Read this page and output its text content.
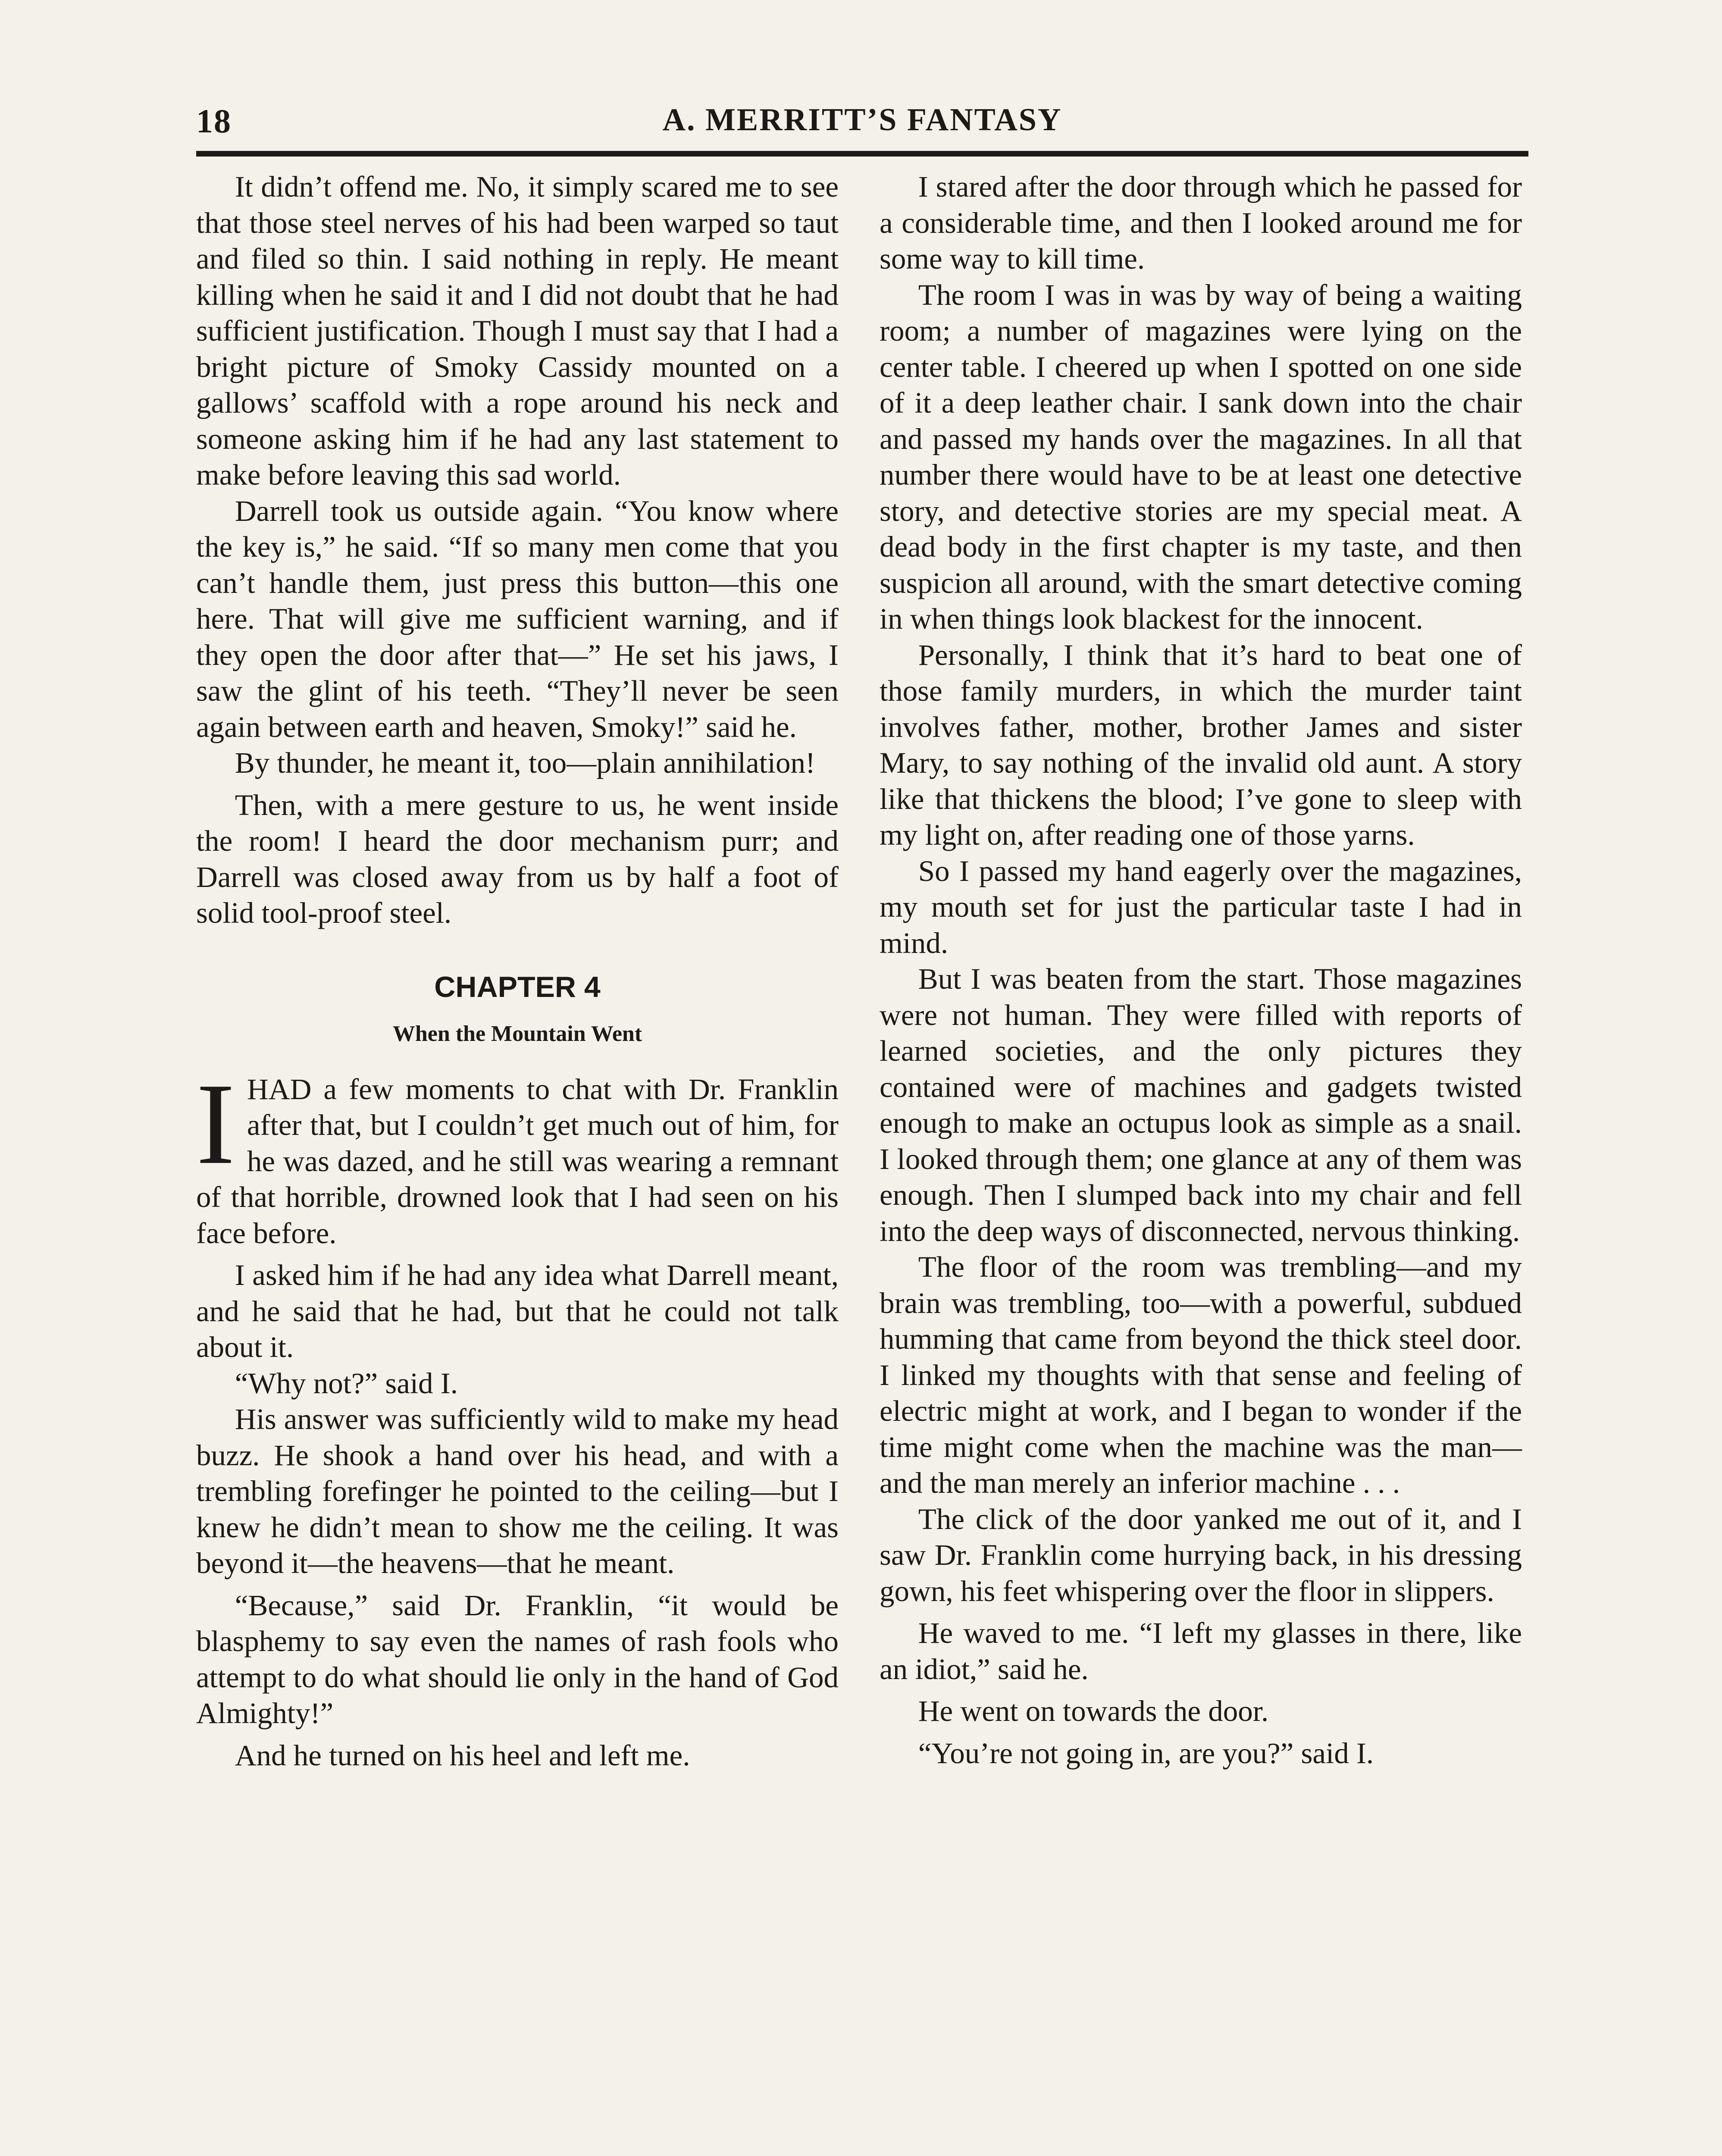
18	A. MERRITT’S FANTASY

It didn’t offend me. No, it simply scared me to see that those steel nerves of his had been warped so taut and filed so thin. I said nothing in reply. He meant killing when he said it and I did not doubt that he had sufficient justification. Though I must say that I had a bright picture of Smoky Cassidy mounted on a gallows’ scaffold with a rope around his neck and someone asking him if he had any last statement to make before leaving this sad world.

Darrell took us outside again. “You know where the key is,” he said. “If so many men come that you can’t handle them, just press this button—this one here. That will give me sufficient warning, and if they open the door after that—” He set his jaws, I saw the glint of his teeth. “They’ll never be seen again between earth and heaven, Smoky!” said he.

By thunder, he meant it, too—plain annihilation!

Then, with a mere gesture to us, he went inside the room! I heard the door mechanism purr; and Darrell was closed away from us by half a foot of solid tool-proof steel.

CHAPTER 4
When the Mountain Went

IHAD a few moments to chat with Dr. Franklin after that, but I couldn’t get much out of him, for he was dazed, and he still was wearing a remnant of that horrible, drowned look that I had seen on his face before.

I asked him if he had any idea what Darrell meant, and he said that he had, but that he could not talk about it.

“Why not?” said I.

His answer was sufficiently wild to make my head buzz. He shook a hand over his head, and with a trembling forefinger he pointed to the ceiling—but I knew he didn’t mean to show me the ceiling. It was beyond it—the heavens—that he meant.

“Because,” said Dr. Franklin, “it would be blasphemy to say even the names of rash fools who attempt to do what should lie only in the hand of God Almighty!”

And he turned on his heel and left me.

I stared after the door through which he passed for a considerable time, and then I looked around me for some way to kill time.

The room I was in was by way of being a waiting room; a number of magazines were lying on the center table. I cheered up when I spotted on one side of it a deep leather chair. I sank down into the chair and passed my hands over the magazines. In all that number there would have to be at least one detective story, and detective stories are my special meat. A dead body in the first chapter is my taste, and then suspicion all around, with the smart detective coming in when things look blackest for the innocent.

Personally, I think that it’s hard to beat one of those family murders, in which the murder taint involves father, mother, brother James and sister Mary, to say nothing of the invalid old aunt. A story like that thickens the blood; I’ve gone to sleep with my light on, after reading one of those yarns.

So I passed my hand eagerly over the magazines, my mouth set for just the particular taste I had in mind.

But I was beaten from the start. Those magazines were not human. They were filled with reports of learned societies, and the only pictures they contained were of machines and gadgets twisted enough to make an octupus look as simple as a snail. I looked through them; one glance at any of them was enough. Then I slumped back into my chair and fell into the deep ways of disconnected, nervous thinking.

The floor of the room was trembling—and my brain was trembling, too—with a powerful, subdued humming that came from beyond the thick steel door. I linked my thoughts with that sense and feeling of electric might at work, and I began to wonder if the time might come when the machine was the man—and the man merely an inferior machine . . .

The click of the door yanked me out of it, and I saw Dr. Franklin come hurrying back, in his dressing gown, his feet whispering over the floor in slippers.

He waved to me. “I left my glasses in there, like an idiot,” said he.

He went on towards the door.

“You’re not going in, are you?” said I.
